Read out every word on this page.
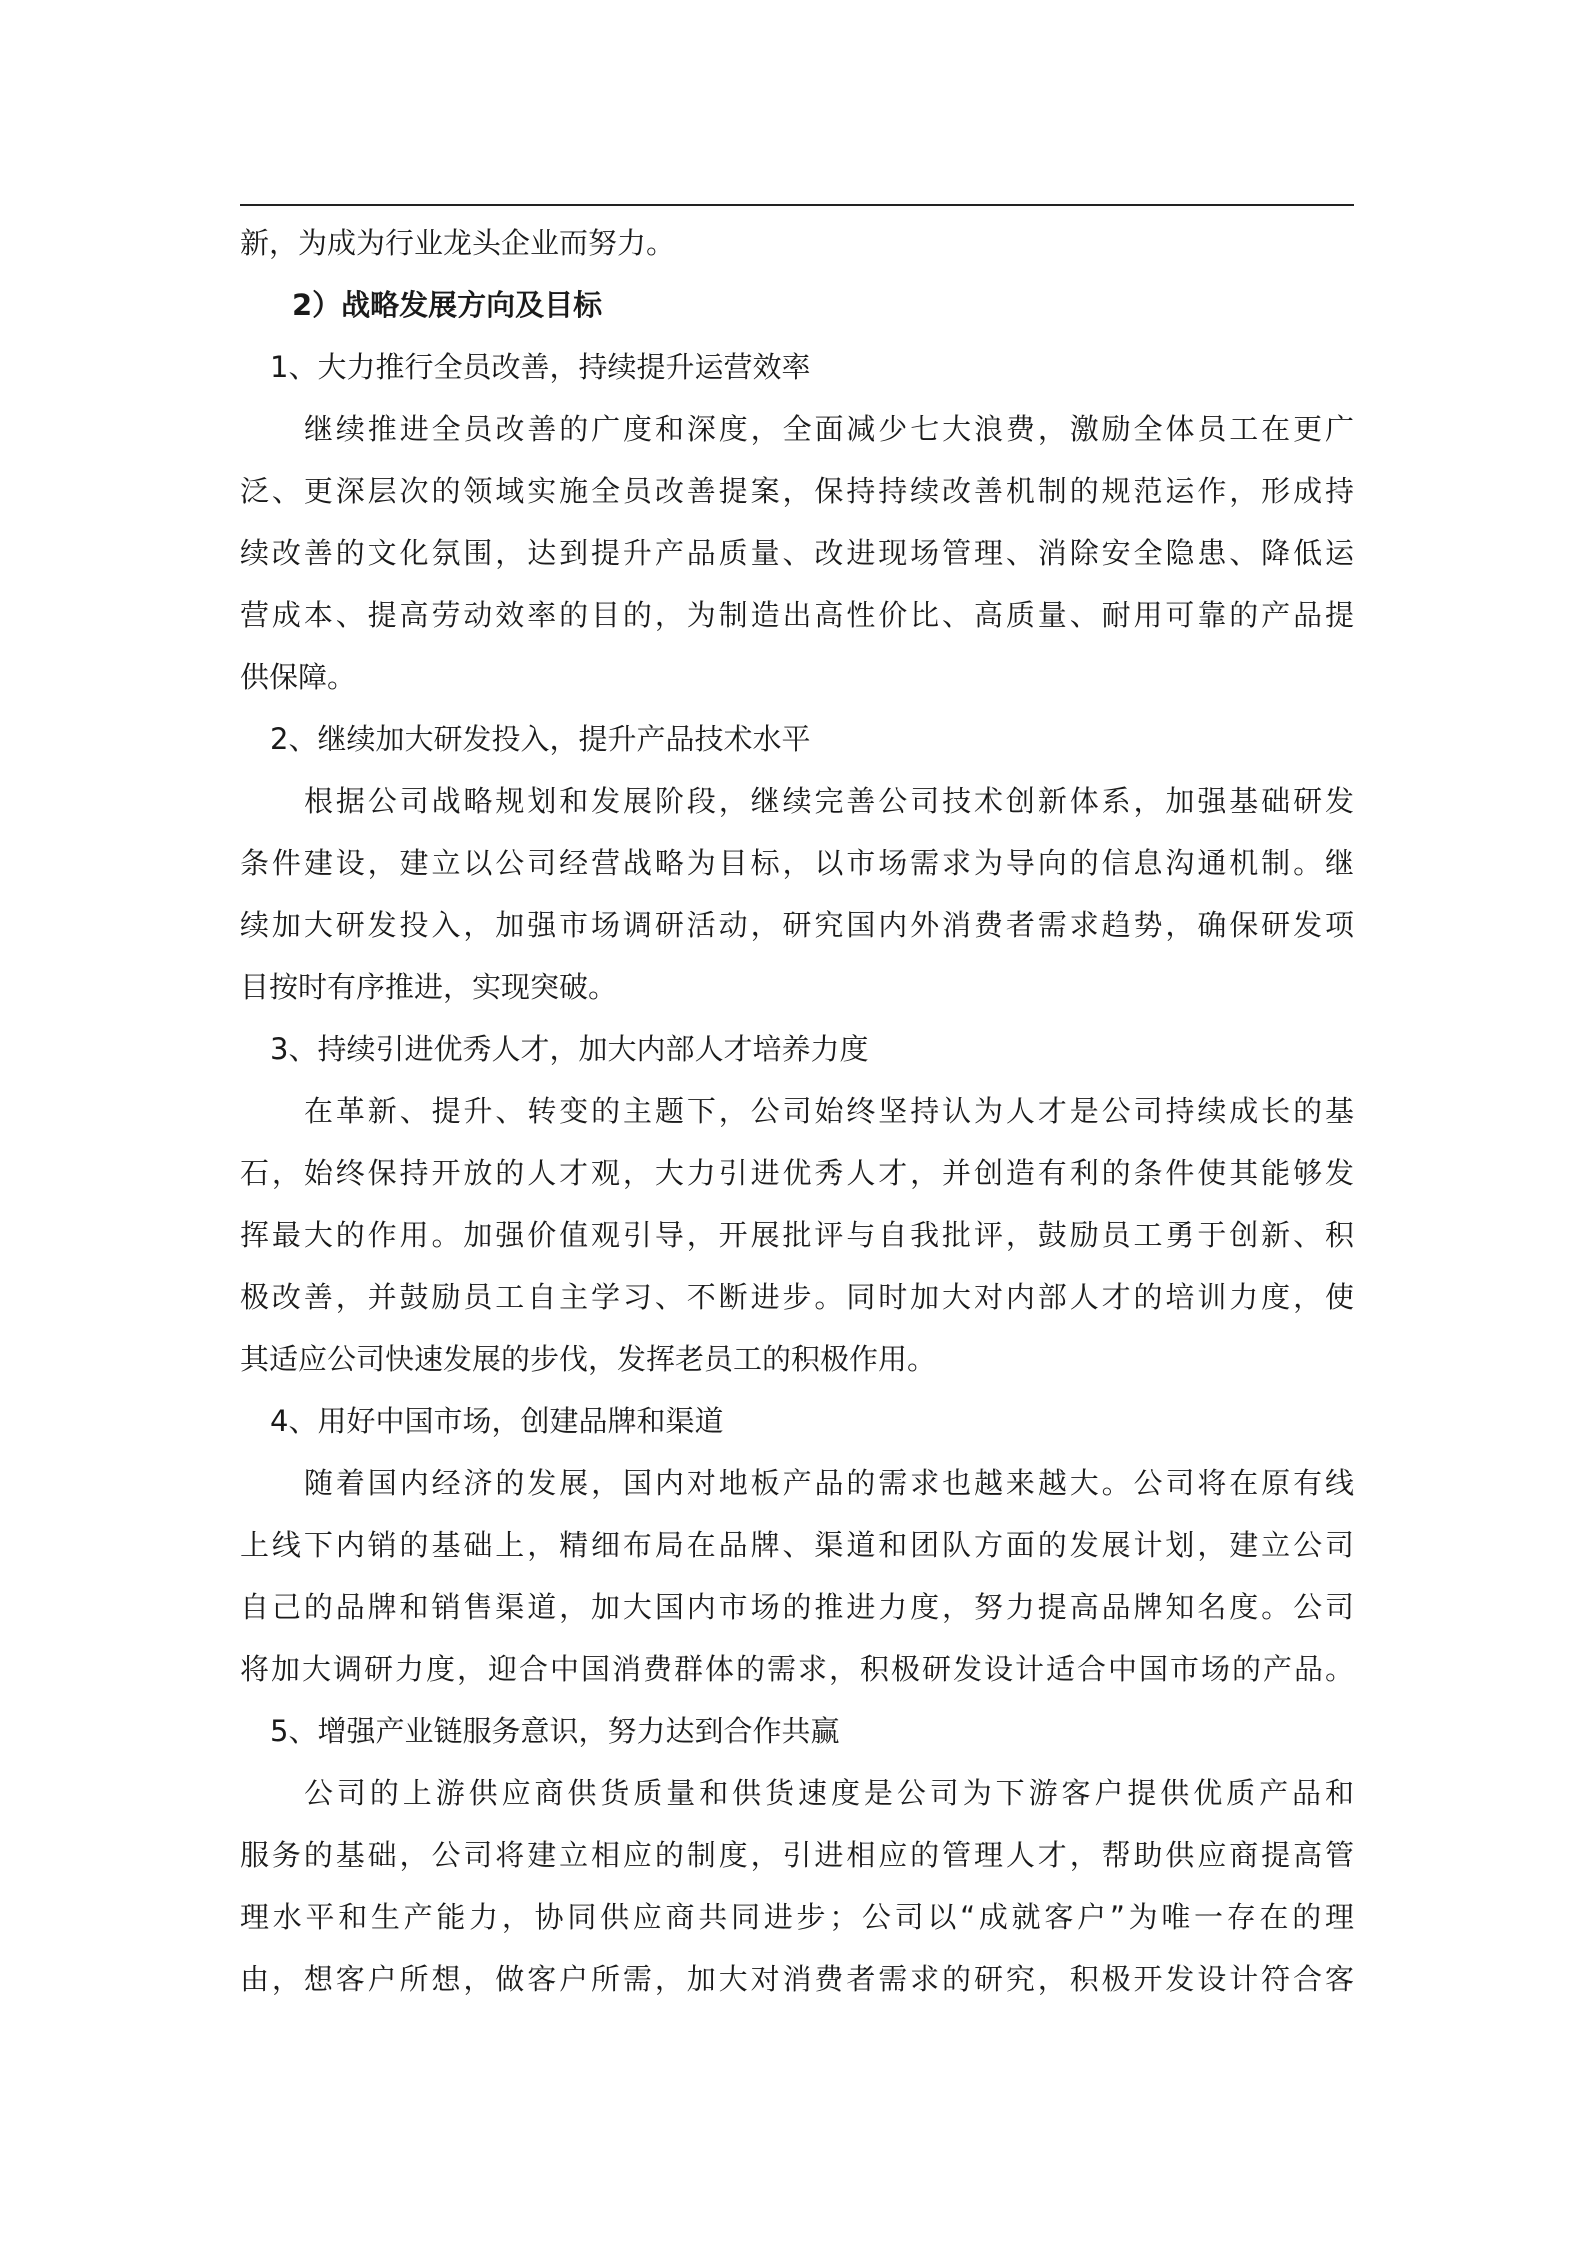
新，为成为行业龙头企业而努力。

2）战略发展方向及目标

1、大力推行全员改善，持续提升运营效率

继续推进全员改善的广度和深度，全面减少七大浪费，激励全体员工在更广

泛、更深层次的领域实施全员改善提案，保持持续改善机制的规范运作，形成持

续改善的文化氛围，达到提升产品质量、改进现场管理、消除安全隐患、降低运

营成本、提高劳动效率的目的，为制造出高性价比、高质量、耐用可靠的产品提

供保障。

2、继续加大研发投入，提升产品技术水平

根据公司战略规划和发展阶段，继续完善公司技术创新体系，加强基础研发

条件建设，建立以公司经营战略为目标，以市场需求为导向的信息沟通机制。继

续加大研发投入，加强市场调研活动，研究国内外消费者需求趋势，确保研发项

目按时有序推进，实现突破。

3、持续引进优秀人才，加大内部人才培养力度

在革新、提升、转变的主题下，公司始终坚持认为人才是公司持续成长的基

石，始终保持开放的人才观，大力引进优秀人才，并创造有利的条件使其能够发

挥最大的作用。加强价值观引导，开展批评与自我批评，鼓励员工勇于创新、积

极改善，并鼓励员工自主学习、不断进步。同时加大对内部人才的培训力度，使

其适应公司快速发展的步伐，发挥老员工的积极作用。

4、用好中国市场，创建品牌和渠道

随着国内经济的发展，国内对地板产品的需求也越来越大。公司将在原有线

上线下内销的基础上，精细布局在品牌、渠道和团队方面的发展计划，建立公司

自己的品牌和销售渠道，加大国内市场的推进力度，努力提高品牌知名度。公司

将加大调研力度，迎合中国消费群体的需求，积极研发设计适合中国市场的产品。

5、增强产业链服务意识，努力达到合作共赢

公司的上游供应商供货质量和供货速度是公司为下游客户提供优质产品和

服务的基础，公司将建立相应的制度，引进相应的管理人才，帮助供应商提高管

理水平和生产能力，协同供应商共同进步；公司以“成就客户”为唯一存在的理

由，想客户所想，做客户所需，加大对消费者需求的研究，积极开发设计符合客
